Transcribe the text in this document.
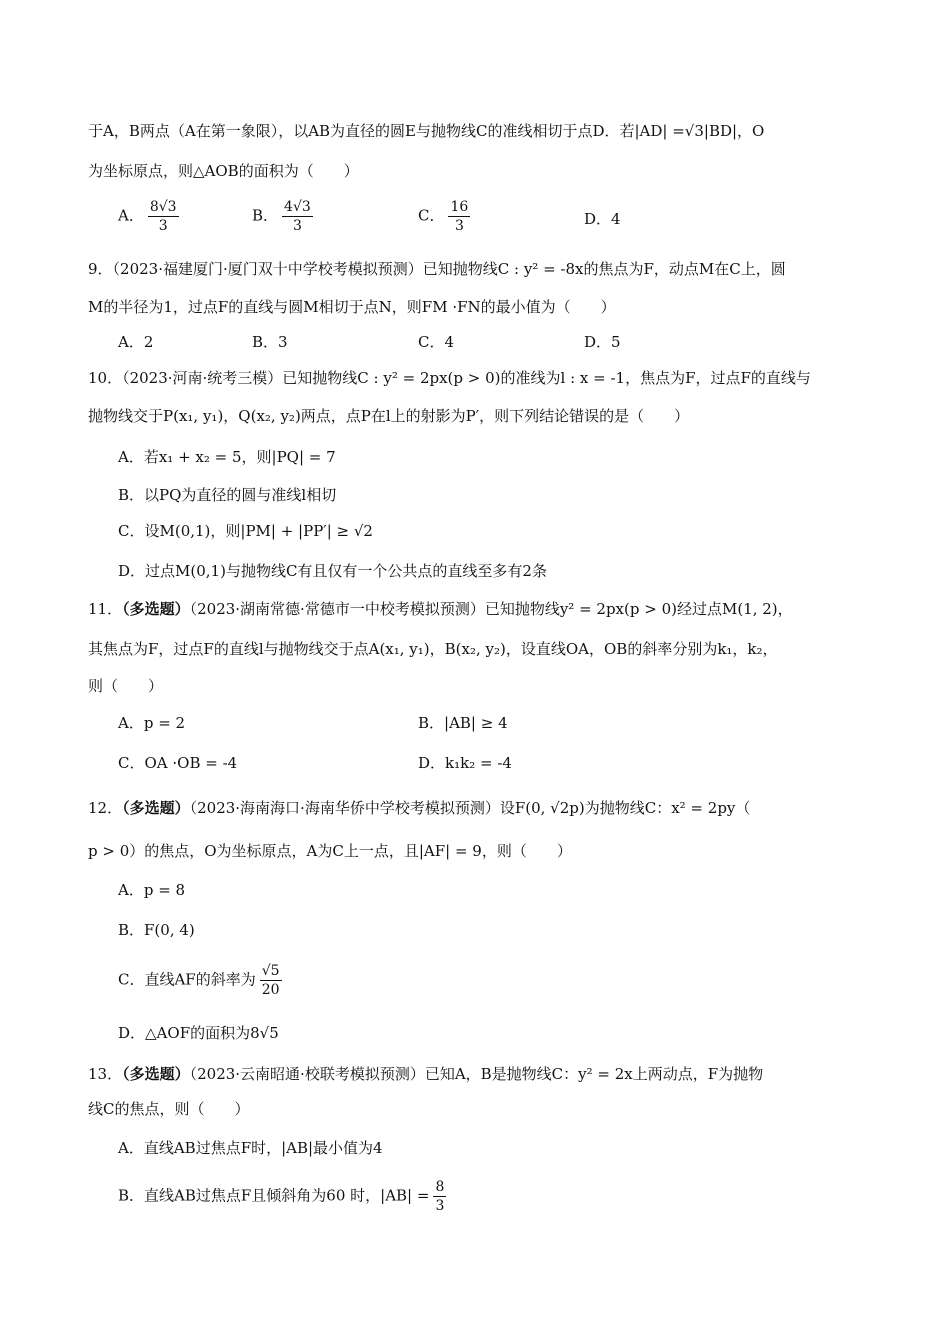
于A，B两点（A在第一象限），以AB为直径的圆E与抛物线C的准线相切于点D．若|AD| =√3|BD|，O
为坐标原点，则△AOB的面积为（　　）
A． $\frac{8√3}{3}$	B． $\frac{4√3}{3}$	C． $\frac{16}{3}$	D．4
9．（2023·福建厦门·厦门双十中学校考模拟预测）已知抛物线C : y² = -8x的焦点为F，动点M在C上，圆
M的半径为1，过点F的直线与圆M相切于点N，则FM ·FN的最小值为（　　）
A．2	B．3	C．4	D．5
10．（2023·河南·统考三模）已知抛物线C : y² = 2px(p > 0)的准线为l : x = -1，焦点为F，过点F的直线与
抛物线交于P(x₁, y₁)，Q(x₂, y₂)两点，点P在l上的射影为P′，则下列结论错误的是（　　）
A．若x₁ + x₂ = 5，则|PQ| = 7
B．以PQ为直径的圆与准线l相切
C．设M(0,1)，则|PM| + |PP′| ≥ √2
D．过点M(0,1)与抛物线C有且仅有一个公共点的直线至多有2条
11．（多选题）（2023·湖南常德·常德市一中校考模拟预测）已知抛物线y² = 2px(p > 0)经过点M(1, 2)，
其焦点为F，过点F的直线l与抛物线交于点A(x₁, y₁)，B(x₂, y₂)，设直线OA，OB的斜率分别为k₁，k₂，
则（　　）
A．p = 2	B．|AB| ≥ 4
C．OA ·OB = -4	D．k₁k₂ = -4
12．（多选题）（2023·海南海口·海南华侨中学校考模拟预测）设F(0, √2p)为抛物线C：x² = 2py（
p > 0）的焦点，O为坐标原点，A为C上一点，且|AF| = 9，则（　　）
A．p = 8
B．F(0, 4)
C．直线AF的斜率为 $\frac{√5}{20}$
D．△AOF的面积为8√5
13．（多选题）（2023·云南昭通·校联考模拟预测）已知A，B是抛物线C：y² = 2x上两动点，F为抛物
线C的焦点，则（　　）
A．直线AB过焦点F时，|AB|最小值为4
B．直线AB过焦点F且倾斜角为60 时，$|AB| = \frac{8}{3}$
